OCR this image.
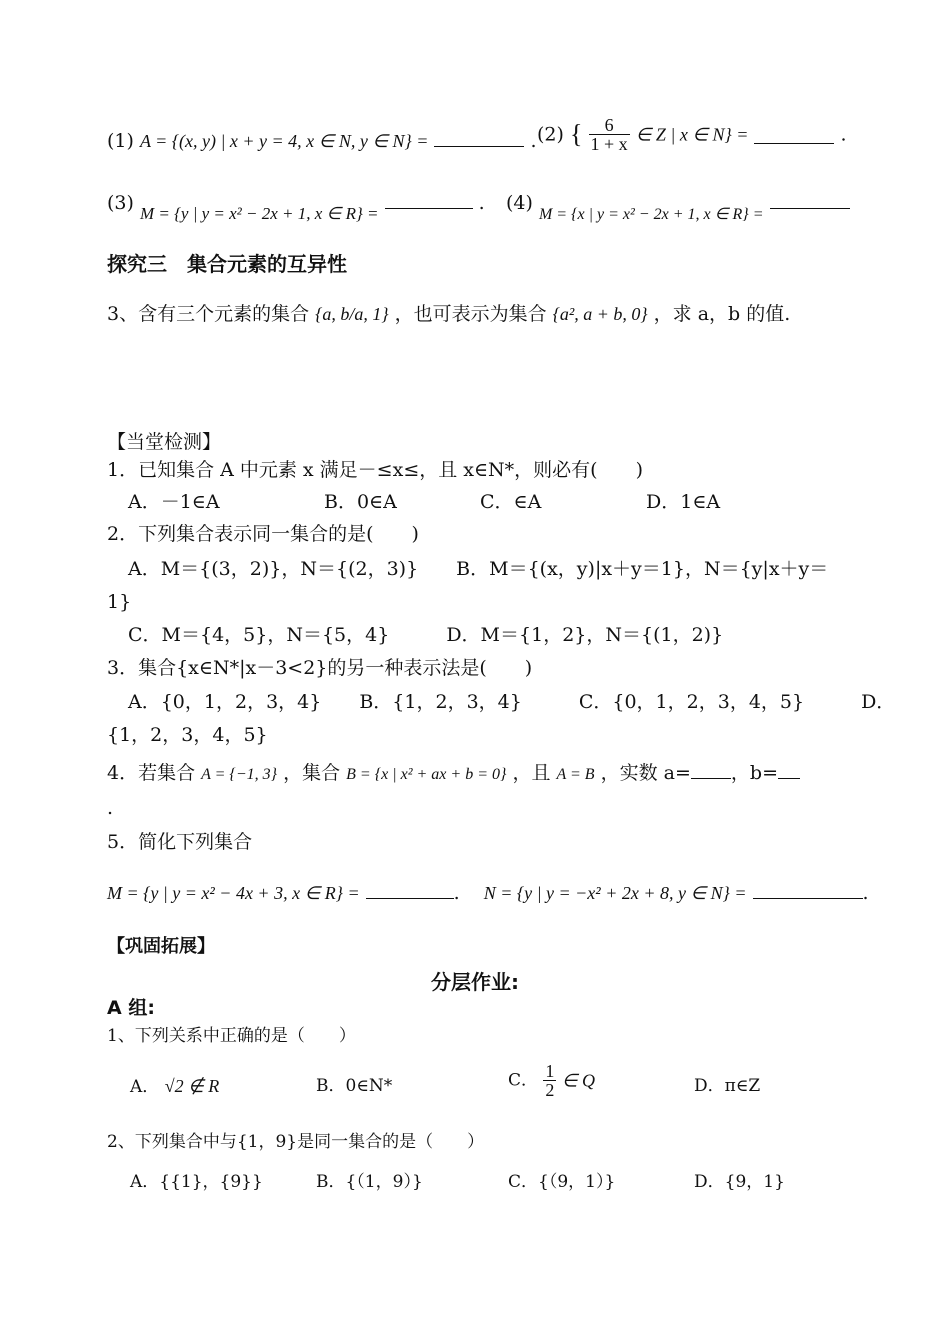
(1) A = {(x, y) | x + y = 4, x ∈ N, y ∈ N} =	. (2) { $\frac{6}{1 + x}$ ∈ Z | x ∈ N} =	.
(3) M = {y | y = x² − 2x + 1, x ∈ R} =	. (4) $_{M = \{x | y = x^2 - 2x + 1, x \in R\} =}$
探究三　集合元素的互异性
3、含有三个元素的集合 {a, b/a, 1} ，也可表示为集合 {a², a + b, 0} ，求 a，b 的值.
【当堂检测】
1．已知集合 A 中元素 x 满足－≤x≤，且 x∈N*，则必有(　　)
A．－1∈A	B．0∈A	C．∈A	D．1∈A
2．下列集合表示同一集合的是(　　)
A．M＝{(3，2)}，N＝{(2，3)}　　B．M＝{(x，y)|x＋y＝1}，N＝{y|x＋y＝
1}
C．M＝{4，5}，N＝{5，4}　　　D．M＝{1，2}，N＝{(1，2)}
3．集合{x∈N*|x－3<2}的另一种表示法是(　　)
A．{0，1，2，3，4}　　B．{1，2，3，4}　　　C．{0，1，2，3，4，5}　　　D．
{1，2，3，4，5}
4．若集合 A = {−1, 3} ，集合 B = {x | x² + ax + b = 0} ，且 A = B ，实数 a= ，b=
.
5．简化下列集合
M = {y | y = x² − 4x + 3, x ∈ R} =	. N = {y | y = −x² + 2x + 8, y ∈ N} =	.
【巩固拓展】
分层作业:
A 组:
1、下列关系中正确的是（　　）
A． √2 ∉ R	B．0∈N*	C． $\frac{1}{2}$ ∈ Q	D．π∈Z
2、下列集合中与{1，9}是同一集合的是（　　）
A．{{1}，{9}}	B．{（1，9）}	C．{（9，1）}	D．{9，1}
